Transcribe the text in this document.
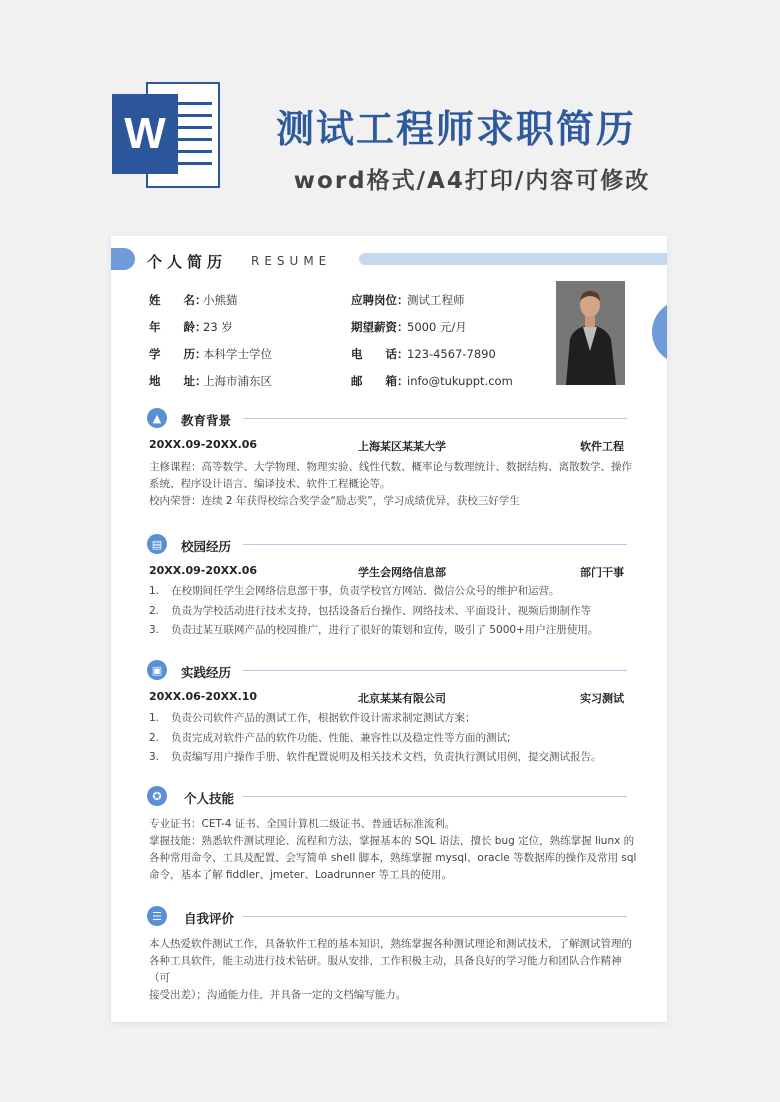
W	测试工程师求职简历
word格式/A4打印/内容可修改
个人简历 RESUME
姓　　名：小熊猫
年　　龄：23 岁
学　　历：本科学士学位
地　　址：上海市浦东区
应聘岗位：测试工程师
期望薪资：5000 元/月
电　　话：123-4567-7890
邮　　箱：info@tukuppt.com
▲	教育背景
20XX.09-20XX.06	上海某区某某大学	软件工程

主修课程：高等数学、大学物理、物理实验、线性代数、概率论与数理统计、数据结构、离散数学、操作

系统、程序设计语言、编译技术、软件工程概论等。

校内荣誉：连续 2 年获得校综合奖学金“励志奖”，学习成绩优异，获校三好学生

▤	校园经历
20XX.09-20XX.06	学生会网络信息部	部门干事
1. 在校期间任学生会网络信息部干事，负责学校官方网站、微信公众号的维护和运营。
2. 负责为学校活动进行技术支持，包括设备后台操作、网络技术、平面设计、视频后期制作等
3. 负责过某互联网产品的校园推广，进行了很好的策划和宣传，吸引了 5000+用户注册使用。
▣	实践经历
20XX.06-20XX.10	北京某某有限公司	实习测试
1. 负责公司软件产品的测试工作，根据软件设计需求制定测试方案；
2. 负责完成对软件产品的软件功能、性能、兼容性以及稳定性等方面的测试;
3. 负责编写用户操作手册、软件配置说明及相关技术文档，负责执行测试用例，提交测试报告。
✪	个人技能

专业证书：CET-4 证书、全国计算机二级证书、普通话标准流利。

掌握技能：熟悉软件测试理论、流程和方法，掌握基本的 SQL 语法，擅长 bug 定位，熟练掌握 liunx 的

各种常用命令、工具及配置、会写简单 shell 脚本，熟练掌握 mysql、oracle 等数据库的操作及常用 sql

命令，基本了解 fiddler、jmeter、Loadrunner 等工具的使用。

☰	自我评价

本人热爱软件测试工作，具备软件工程的基本知识，熟练掌握各种测试理论和测试技术，了解测试管理的

各种工具软件，能主动进行技术钻研。服从安排，工作积极主动，具备良好的学习能力和团队合作精神（可

接受出差）；沟通能力佳，并具备一定的文档编写能力。
